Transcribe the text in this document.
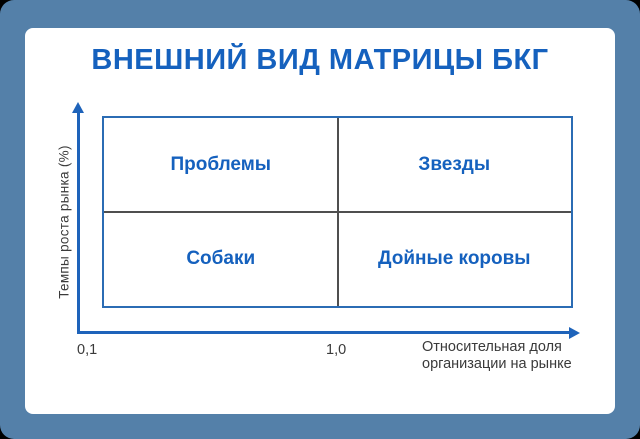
ВНЕШНИЙ ВИД МАТРИЦЫ БКГ
Проблемы	Звезды
Собаки	Дойные коровы
Темпы роста рынка (%)
0,1	1,0	Относительная доля
организации на рынке
